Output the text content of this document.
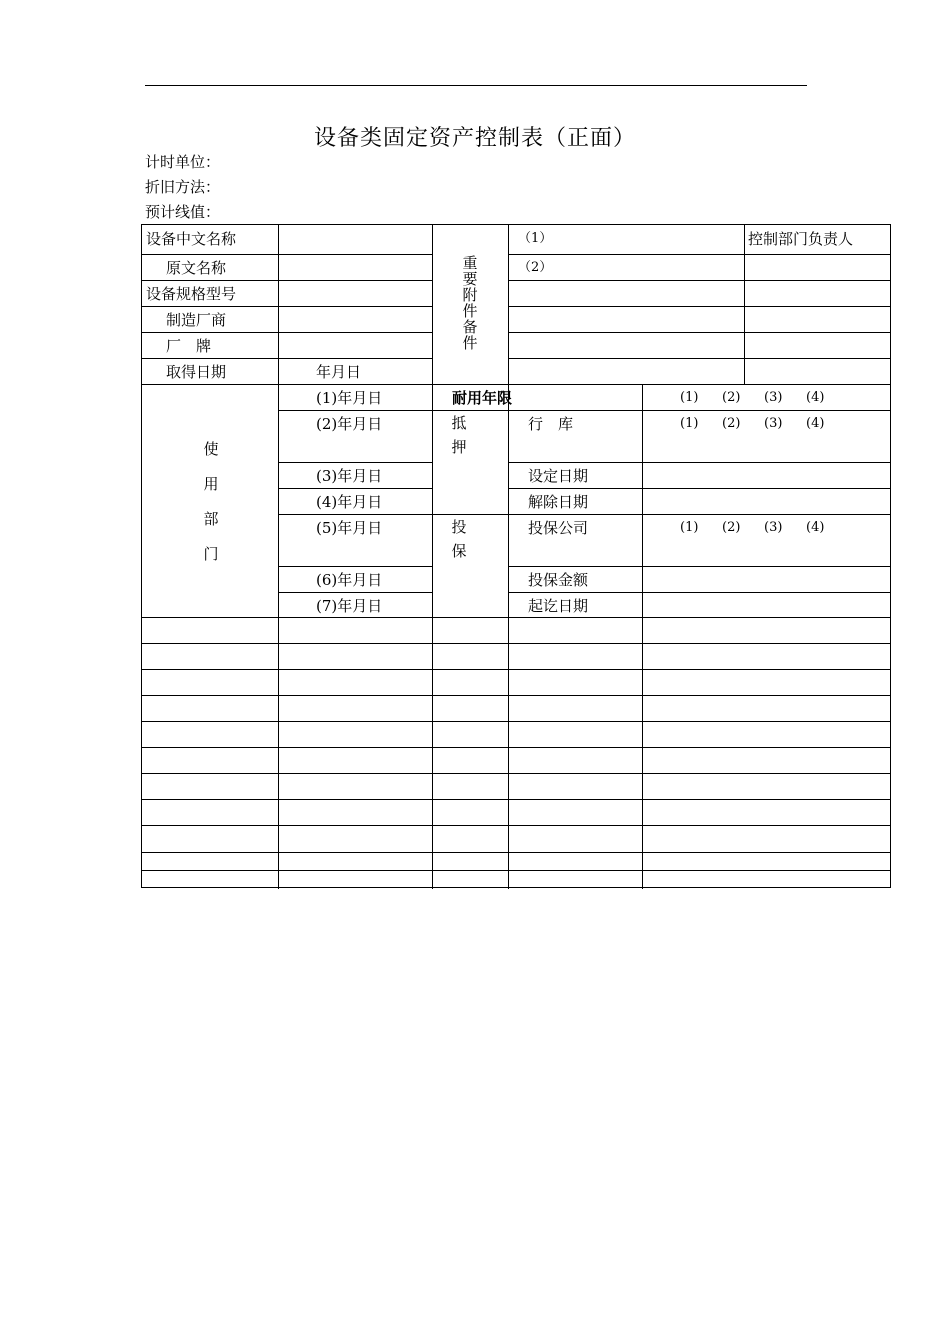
设备类固定资产控制表（正面）
计时单位：
折旧方法：
预计线值：
设备中文名称
原文名称
设备规格型号
制造厂商
厂　牌
取得日期	年月日
重
要
附
件
备
件
（1）
（2）
控制部门负责人
使
用
部
门
(1)年月日
(2)年月日
(3)年月日
(4)年月日
(5)年月日
(6)年月日
(7)年月日
耐用年限
抵
押
投
保
行　库
设定日期
解除日期
投保公司
投保金额
起讫日期
(1) (2) (3) (4)
(1) (2) (3) (4)
(1) (2) (3) (4)
